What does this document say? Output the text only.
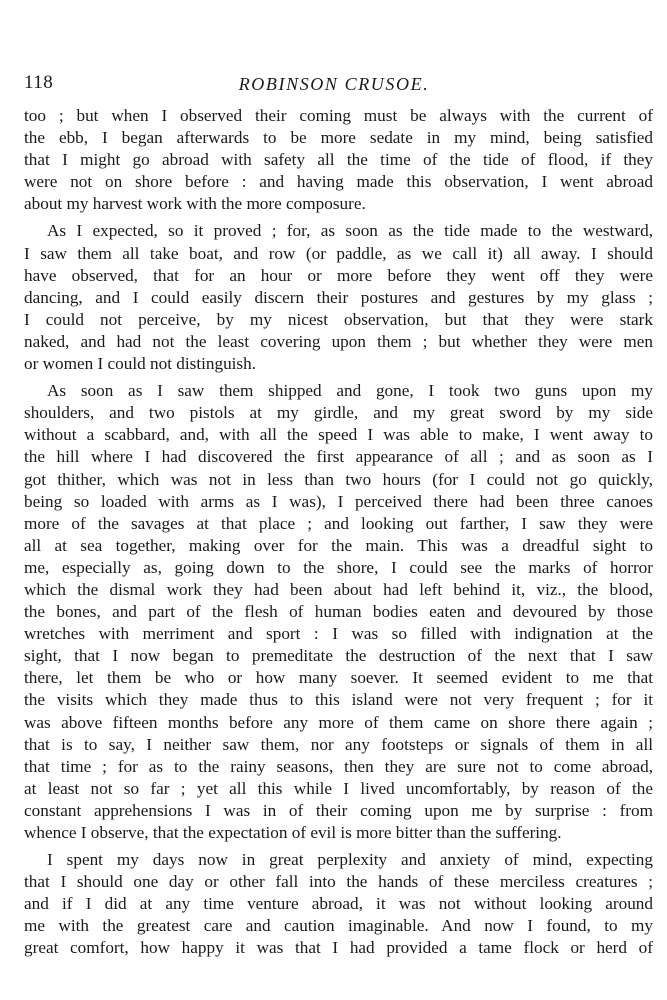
118	ROBINSON CRUSOE.
too ; but when I observed their coming must be always with the current of
the ebb, I began afterwards to be more sedate in my mind, being satisfied
that I might go abroad with safety all the time of the tide of flood, if they
were not on shore before : and having made this observation, I went abroad
about my harvest work with the more composure.
As I expected, so it proved ; for, as soon as the tide made to the westward,
I saw them all take boat, and row (or paddle, as we call it) all away. I should
have observed, that for an hour or more before they went off they were
dancing, and I could easily discern their postures and gestures by my glass ;
I could not perceive, by my nicest observation, but that they were stark
naked, and had not the least covering upon them ; but whether they were men
or women I could not distinguish.
As soon as I saw them shipped and gone, I took two guns upon my
shoulders, and two pistols at my girdle, and my great sword by my side
without a scabbard, and, with all the speed I was able to make, I went away to
the hill where I had discovered the first appearance of all ; and as soon as I
got thither, which was not in less than two hours (for I could not go quickly,
being so loaded with arms as I was), I perceived there had been three canoes
more of the savages at that place ; and looking out farther, I saw they were
all at sea together, making over for the main. This was a dreadful sight to
me, especially as, going down to the shore, I could see the marks of horror
which the dismal work they had been about had left behind it, viz., the blood,
the bones, and part of the flesh of human bodies eaten and devoured by those
wretches with merriment and sport : I was so filled with indignation at the
sight, that I now began to premeditate the destruction of the next that I saw
there, let them be who or how many soever. It seemed evident to me that
the visits which they made thus to this island were not very frequent ; for it
was above fifteen months before any more of them came on shore there again ;
that is to say, I neither saw them, nor any footsteps or signals of them in all
that time ; for as to the rainy seasons, then they are sure not to come abroad,
at least not so far ; yet all this while I lived uncomfortably, by reason of the
constant apprehensions I was in of their coming upon me by surprise : from
whence I observe, that the expectation of evil is more bitter than the suffering.
I spent my days now in great perplexity and anxiety of mind, expecting
that I should one day or other fall into the hands of these merciless creatures ;
and if I did at any time venture abroad, it was not without looking around
me with the greatest care and caution imaginable. And now I found, to my
great comfort, how happy it was that I had provided a tame flock or herd of
